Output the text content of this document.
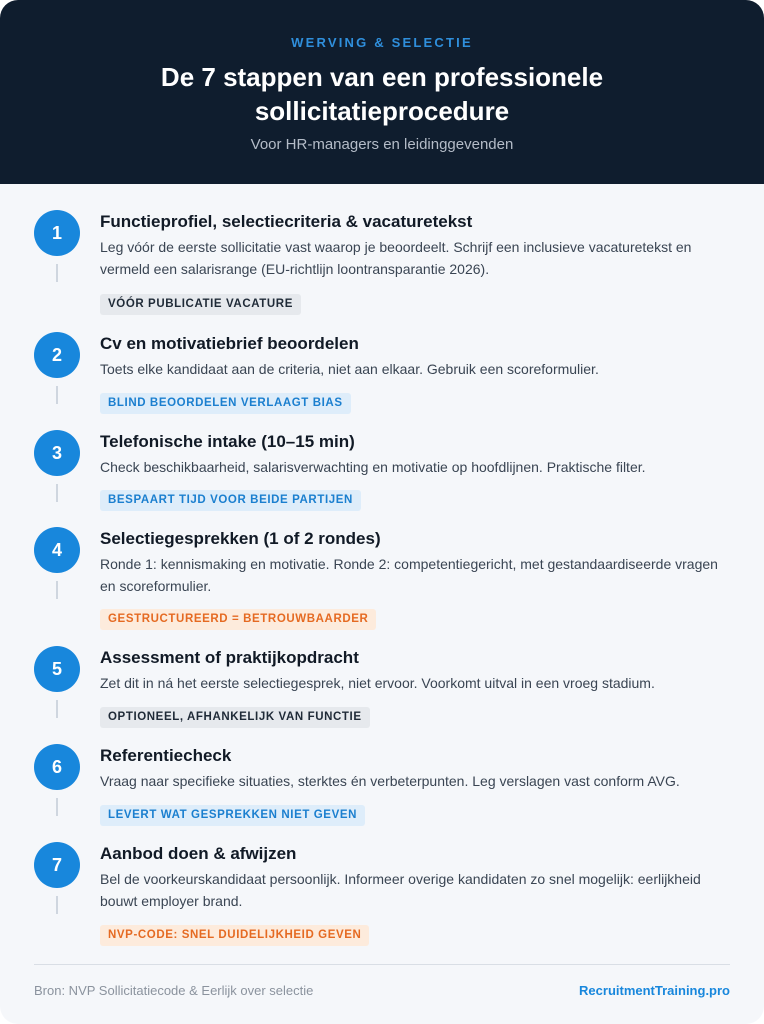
WERVING & SELECTIE
De 7 stappen van een professionele sollicitatieprocedure
Voor HR-managers en leidinggevenden
1
Functieprofiel, selectiecriteria & vacaturetekst
Leg vóór de eerste sollicitatie vast waarop je beoordeelt. Schrijf een inclusieve vacaturetekst en vermeld een salarisrange (EU-richtlijn loontransparantie 2026).
VÓÓR PUBLICATIE VACATURE
2
Cv en motivatiebrief beoordelen
Toets elke kandidaat aan de criteria, niet aan elkaar. Gebruik een scoreformulier.
BLIND BEOORDELEN VERLAAGT BIAS
3
Telefonische intake (10–15 min)
Check beschikbaarheid, salarisverwachting en motivatie op hoofdlijnen. Praktische filter.
BESPAART TIJD VOOR BEIDE PARTIJEN
4
Selectiegesprekken (1 of 2 rondes)
Ronde 1: kennismaking en motivatie. Ronde 2: competentiegericht, met gestandaardiseerde vragen en scoreformulier.
GESTRUCTUREERD = BETROUWBAARDER
5
Assessment of praktijkopdracht
Zet dit in ná het eerste selectiegesprek, niet ervoor. Voorkomt uitval in een vroeg stadium.
OPTIONEEL, AFHANKELIJK VAN FUNCTIE
6
Referentiecheck
Vraag naar specifieke situaties, sterktes én verbeterpunten. Leg verslagen vast conform AVG.
LEVERT WAT GESPREKKEN NIET GEVEN
7
Aanbod doen & afwijzen
Bel de voorkeurskandidaat persoonlijk. Informeer overige kandidaten zo snel mogelijk: eerlijkheid bouwt employer brand.
NVP-CODE: SNEL DUIDELIJKHEID GEVEN
Bron: NVP Sollicitatiecode & Eerlijk over selectie	RecruitmentTraining.pro
